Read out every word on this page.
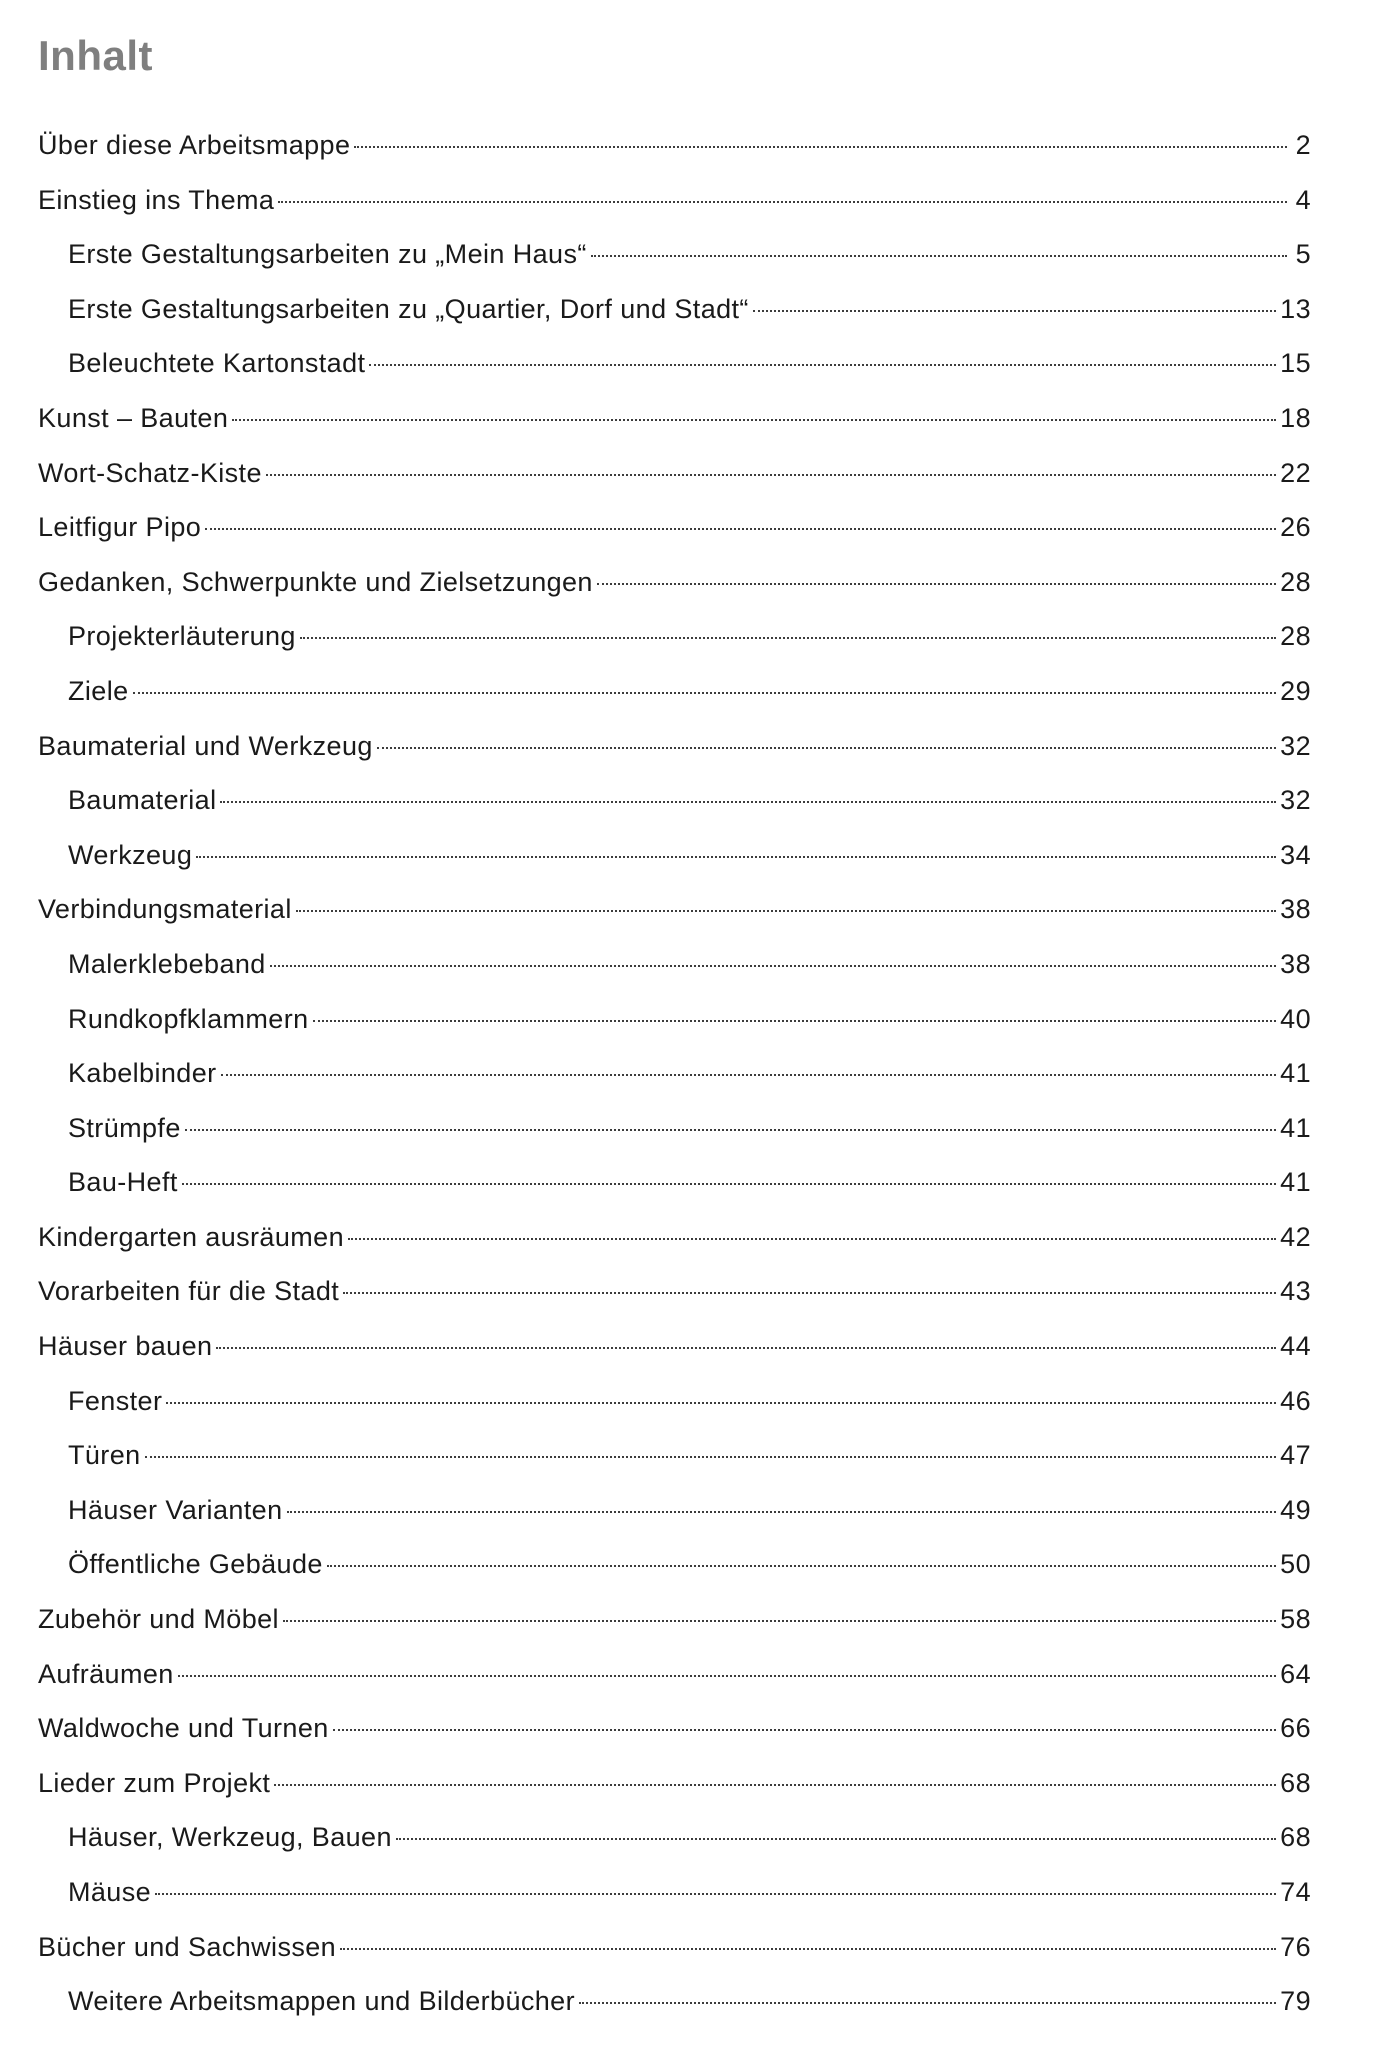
Inhalt
Über diese Arbeitsmappe	2
Einstieg ins Thema	4
Erste Gestaltungsarbeiten zu „Mein Haus“	5
Erste Gestaltungsarbeiten zu „Quartier, Dorf und Stadt“	13
Beleuchtete Kartonstadt	15
Kunst – Bauten	18
Wort-Schatz-Kiste	22
Leitfigur Pipo	26
Gedanken, Schwerpunkte und Zielsetzungen	28
Projekterläuterung	28
Ziele	29
Baumaterial und Werkzeug	32
Baumaterial	32
Werkzeug	34
Verbindungsmaterial	38
Malerklebeband	38
Rundkopfklammern	40
Kabelbinder	41
Strümpfe	41
Bau-Heft	41
Kindergarten ausräumen	42
Vorarbeiten für die Stadt	43
Häuser bauen	44
Fenster	46
Türen	47
Häuser Varianten	49
Öffentliche Gebäude	50
Zubehör und Möbel	58
Aufräumen	64
Waldwoche und Turnen	66
Lieder zum Projekt	68
Häuser, Werkzeug, Bauen	68
Mäuse	74
Bücher und Sachwissen	76
Weitere Arbeitsmappen und Bilderbücher	79
